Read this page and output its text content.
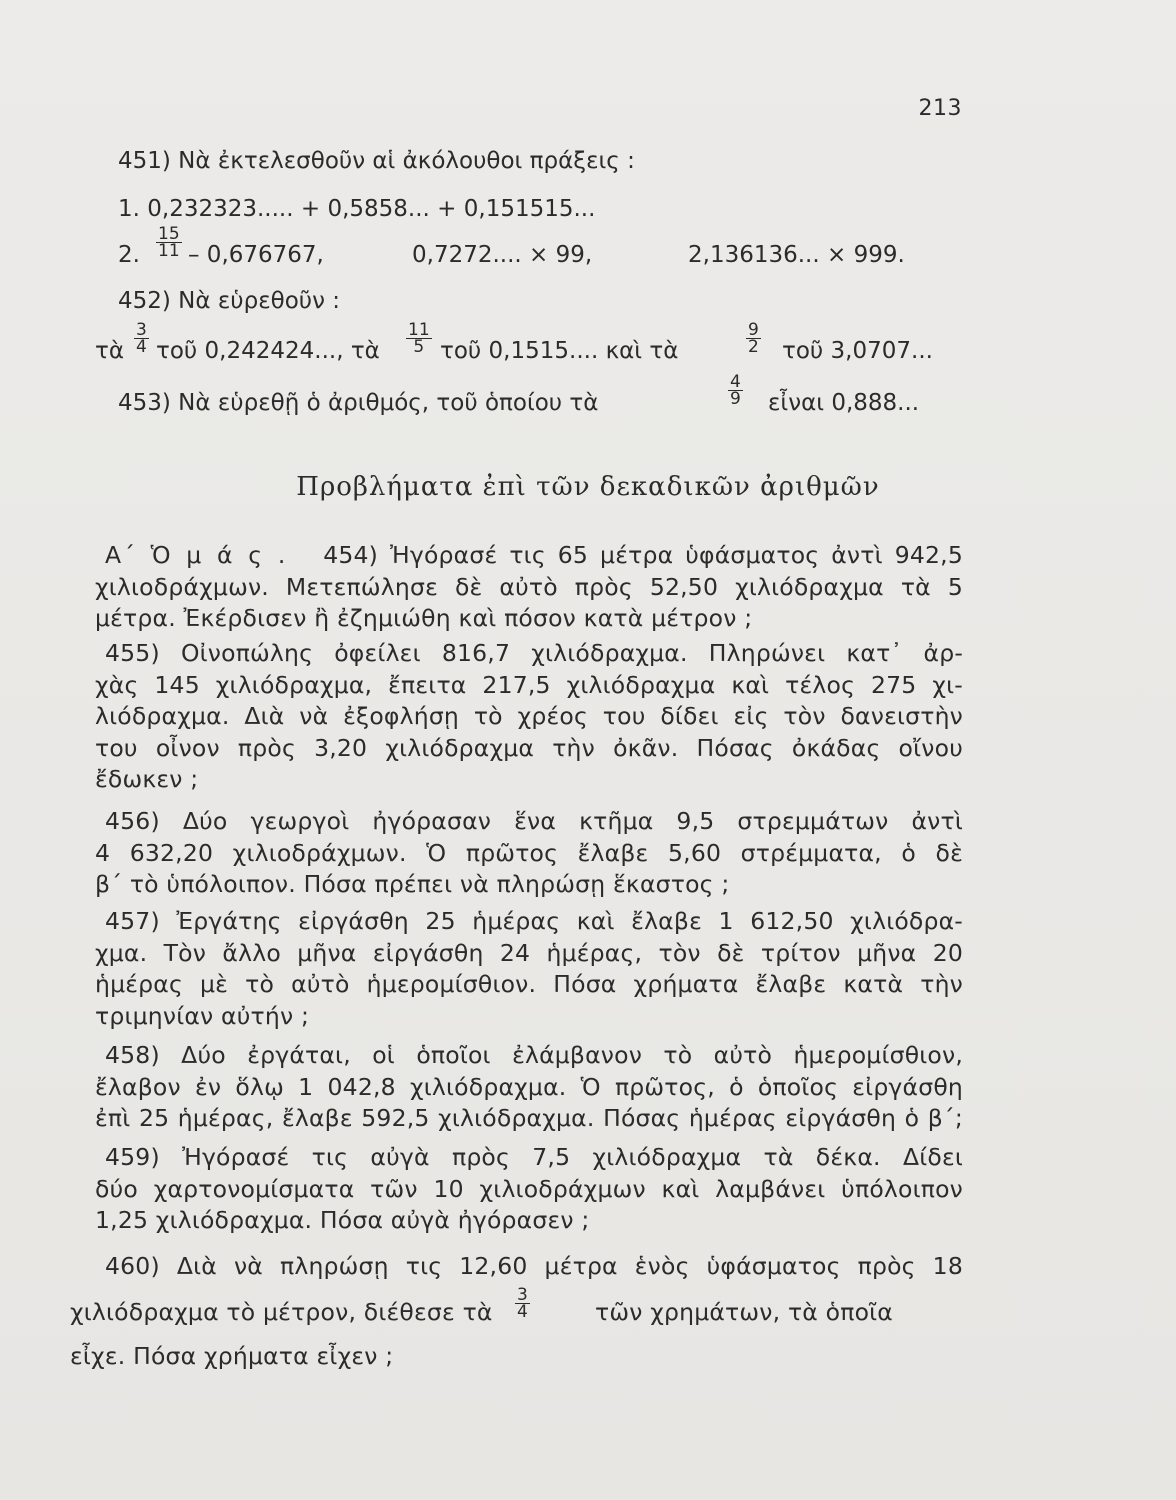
213
451) Νὰ ἐκτελεσθοῦν αἱ ἀκόλουθοι πράξεις :
1. 0,232323..... + 0,5858... + 0,151515...
2. $\frac{15}{11} - 0,676767$,	0,7272.... × 99,	2,136136... × 999.
452) Νὰ εὑρεθοῦν :
τὰ $\frac{3}{4}$ τοῦ 0,242424..., τὰ $\frac{11}{5}$ τοῦ 0,1515.... καὶ τὰ	$\frac{9}{2}$ τοῦ 3,0707...
453) Νὰ εὑρεθῇ ὁ ἀριθμός, τοῦ ὁποίου τὰ	$\frac{4}{9}$ εἶναι 0,888...
Προβλήματα ἐπὶ τῶν δεκαδικῶν ἀριθμῶν
Α΄ Ὁ μ ά ς . 454) Ἠγόρασέ τις 65 μέτρα ὑφάσματος ἀντὶ 942,5
χιλιοδράχμων. Μετεπώλησε δὲ αὐτὸ πρὸς 52,50 χιλιόδραχμα τὰ 5
μέτρα. Ἐκέρδισεν ἢ ἐζημιώθη καὶ πόσον κατὰ μέτρον ;
455) Οἰνοπώλης ὀφείλει 816,7 χιλιόδραχμα. Πληρώνει κατ᾽ ἀρ-
χὰς 145 χιλιόδραχμα, ἔπειτα 217,5 χιλιόδραχμα καὶ τέλος 275 χι-
λιόδραχμα. Διὰ νὰ ἐξοφλήσῃ τὸ χρέος του δίδει εἰς τὸν δανειστὴν
του οἶνον πρὸς 3,20 χιλιόδραχμα τὴν ὀκᾶν. Πόσας ὀκάδας οἴνου
ἔδωκεν ;
456) Δύο γεωργοὶ ἠγόρασαν ἕνα κτῆμα 9,5 στρεμμάτων ἀντὶ
4 632,20 χιλιοδράχμων. Ὁ πρῶτος ἔλαβε 5,60 στρέμματα, ὁ δὲ
β΄ τὸ ὑπόλοιπον. Πόσα πρέπει νὰ πληρώσῃ ἕκαστος ;
457) Ἐργάτης εἰργάσθη 25 ἡμέρας καὶ ἔλαβε 1 612,50 χιλιόδρα-
χμα. Τὸν ἄλλο μῆνα εἰργάσθη 24 ἡμέρας, τὸν δὲ τρίτον μῆνα 20
ἡμέρας μὲ τὸ αὐτὸ ἡμερομίσθιον. Πόσα χρήματα ἔλαβε κατὰ τὴν
τριμηνίαν αὐτήν ;
458) Δύο ἐργάται, οἱ ὁποῖοι ἐλάμβανον τὸ αὐτὸ ἡμερομίσθιον,
ἔλαβον ἐν ὅλῳ 1 042,8 χιλιόδραχμα. Ὁ πρῶτος, ὁ ὁποῖος εἰργάσθη
ἐπὶ 25 ἡμέρας, ἔλαβε 592,5 χιλιόδραχμα. Πόσας ἡμέρας εἰργάσθη ὁ β΄;
459) Ἠγόρασέ τις αὐγὰ πρὸς 7,5 χιλιόδραχμα τὰ δέκα. Δίδει
δύο χαρτονομίσματα τῶν 10 χιλιοδράχμων καὶ λαμβάνει ὑπόλοιπον
1,25 χιλιόδραχμα. Πόσα αὐγὰ ἠγόρασεν ;
460) Διὰ νὰ πληρώσῃ τις 12,60 μέτρα ἑνὸς ὑφάσματος πρὸς 18
χιλιόδραχμα τὸ μέτρον, διέθεσε τὰ $\frac{3}{4}$	τῶν χρημάτων, τὰ ὁποῖα
εἶχε. Πόσα χρήματα εἶχεν ;
